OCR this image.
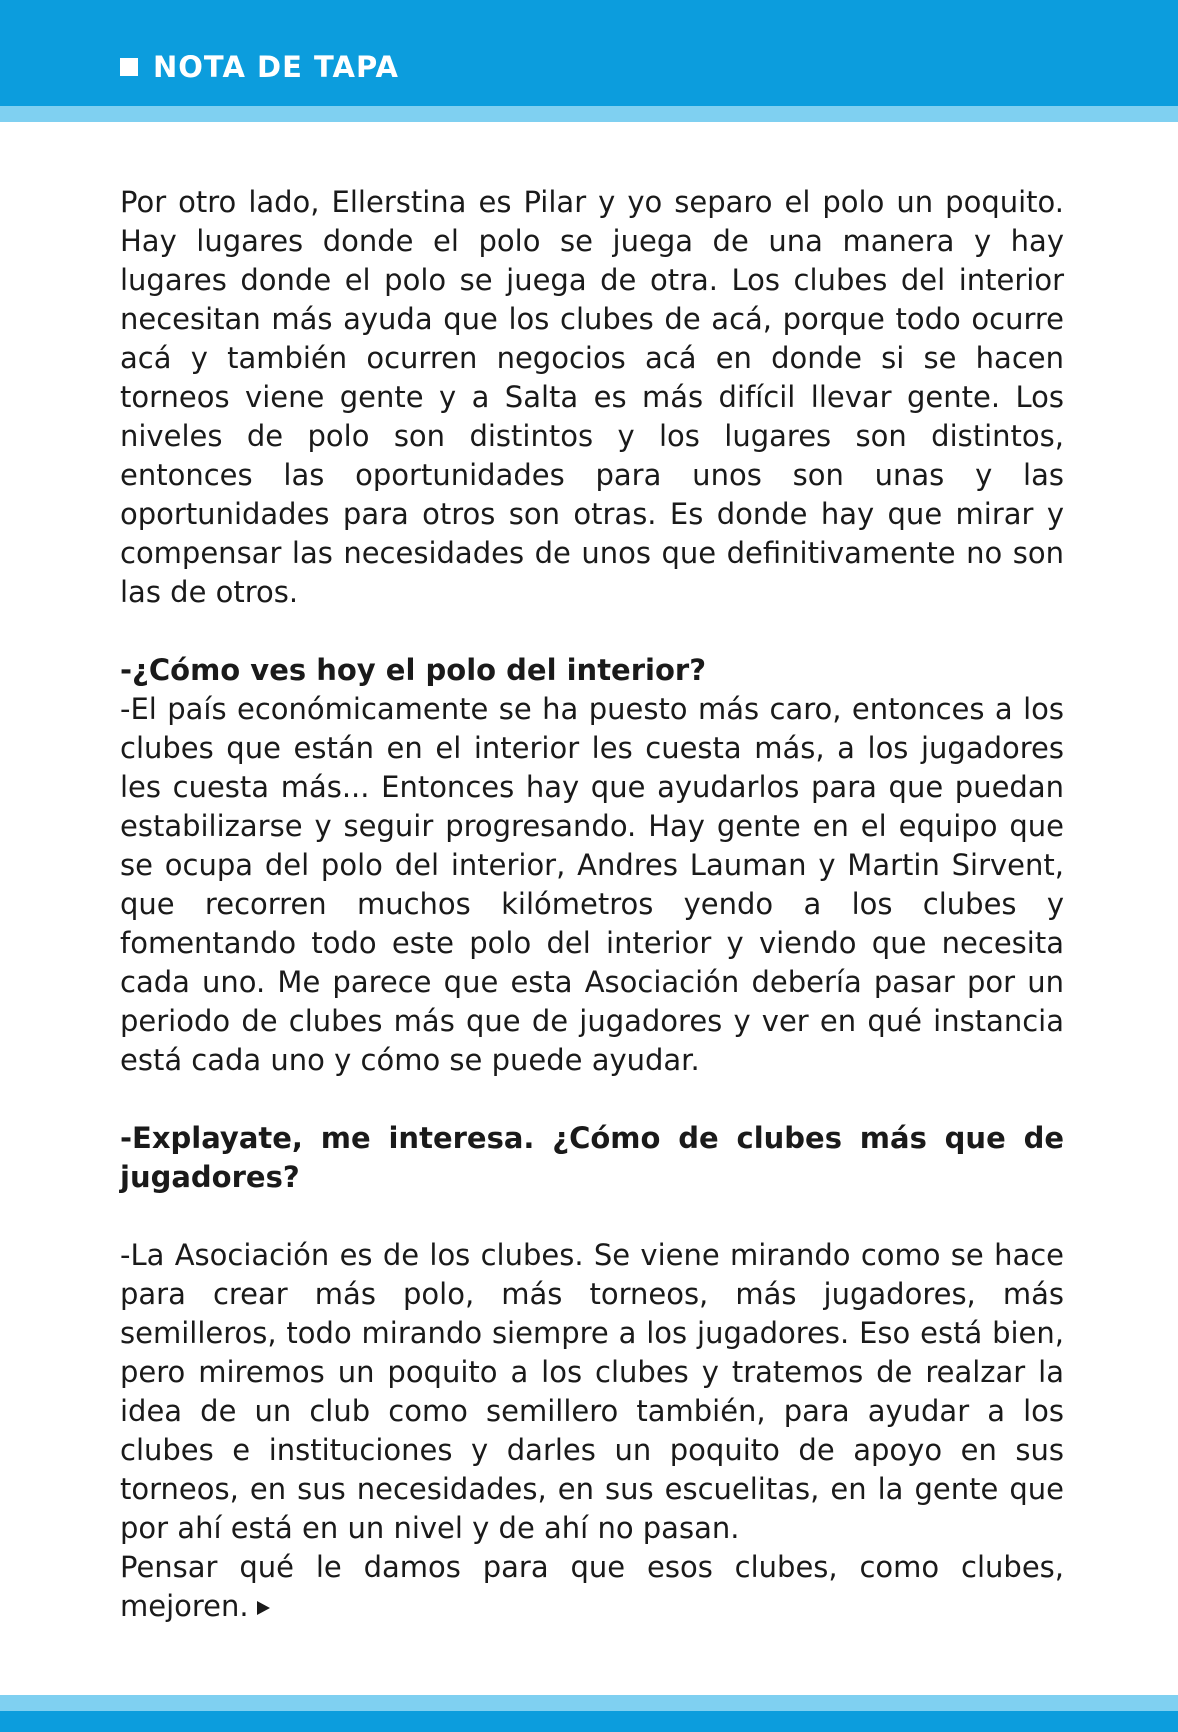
NOTA DE TAPA

Por otro lado, Ellerstina es Pilar y yo separo el polo un poquito. Hay lugares donde el polo se juega de una manera y hay lugares donde el polo se juega de otra. Los clubes del interior necesitan más ayuda que los clubes de acá, porque todo ocurre acá y también ocurren negocios acá en donde si se hacen torneos viene gente y a Salta es más difícil llevar gente. Los niveles de polo son distintos y los lugares son distintos, entonces las oportunidades para unos son unas y las oportunidades para otros son otras. Es donde hay que mirar y compensar las necesidades de unos que definitivamente no son las de otros.

-¿Cómo ves hoy el polo del interior?

-El país económicamente se ha puesto más caro, entonces a los clubes que están en el interior les cuesta más, a los jugadores les cuesta más... Entonces hay que ayudarlos para que puedan estabilizarse y seguir progresando. Hay gente en el equipo que se ocupa del polo del interior, Andres Lauman y Martin Sirvent, que recorren muchos kilómetros yendo a los clubes y fomentando todo este polo del interior y viendo que necesita cada uno. Me parece que esta Asociación debería pasar por un periodo de clubes más que de jugadores y ver en qué instancia está cada uno y cómo se puede ayudar.

-Explayate, me interesa. ¿Cómo de clubes más que de jugadores?

-La Asociación es de los clubes. Se viene mirando como se hace para crear más polo, más torneos, más jugadores, más semilleros, todo mirando siempre a los jugadores. Eso está bien, pero miremos un poquito a los clubes y tratemos de realzar la idea de un club como semillero también, para ayudar a los clubes e instituciones y darles un poquito de apoyo en sus torneos, en sus necesidades, en sus escuelitas, en la gente que por ahí está en un nivel y de ahí no pasan.

Pensar qué le damos para que esos clubes, como clubes, mejoren.
